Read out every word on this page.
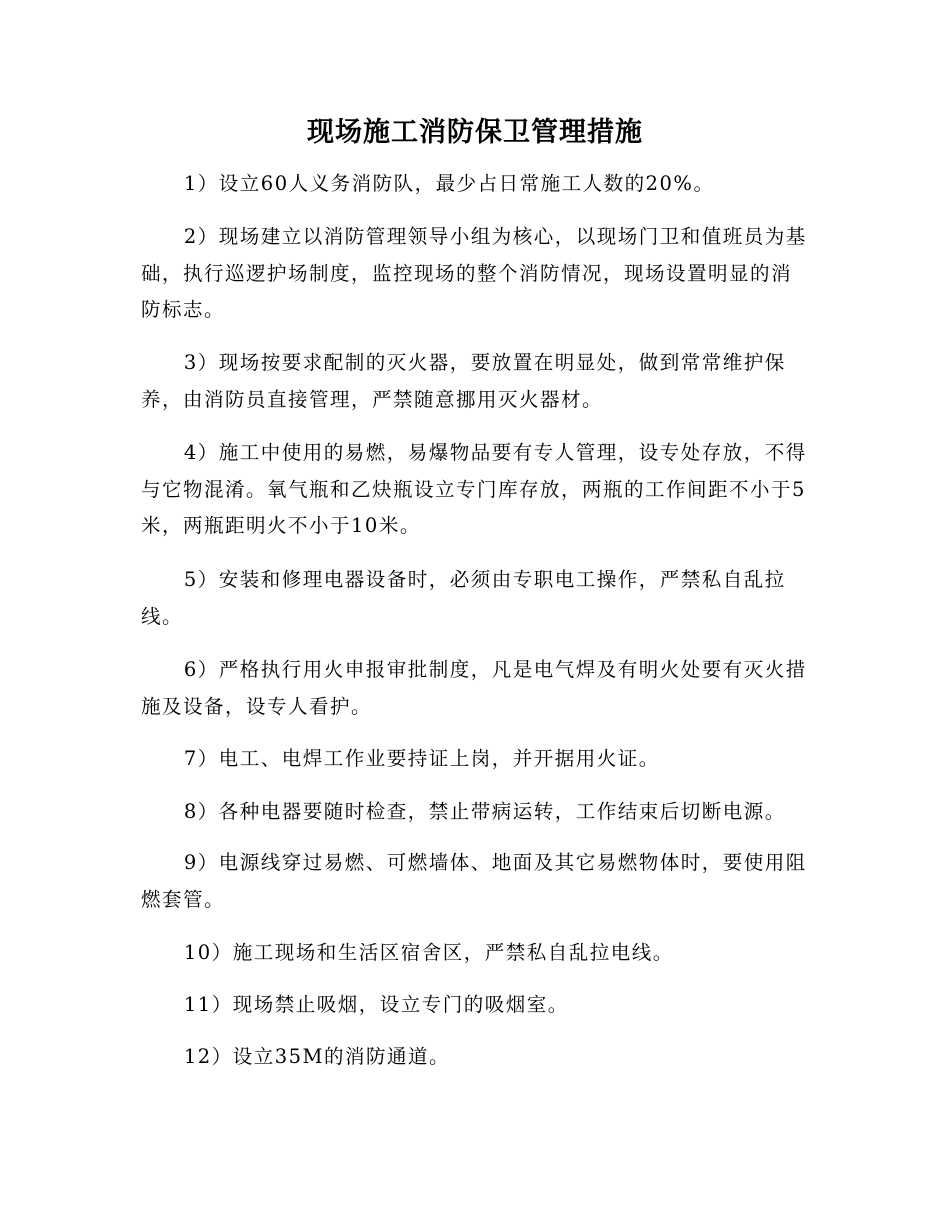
现场施工消防保卫管理措施

1）设立60人义务消防队，最少占日常施工人数的20%。

2）现场建立以消防管理领导小组为核心，以现场门卫和值班员为基础，执行巡逻护场制度，监控现场的整个消防情况，现场设置明显的消防标志。

3）现场按要求配制的灭火器，要放置在明显处，做到常常维护保养，由消防员直接管理，严禁随意挪用灭火器材。

4）施工中使用的易燃，易爆物品要有专人管理，设专处存放，不得与它物混淆。氧气瓶和乙炔瓶设立专门库存放，两瓶的工作间距不小于5米，两瓶距明火不小于10米。

5）安装和修理电器设备时，必须由专职电工操作，严禁私自乱拉线。

6）严格执行用火申报审批制度，凡是电气焊及有明火处要有灭火措施及设备，设专人看护。

7）电工、电焊工作业要持证上岗，并开据用火证。

8）各种电器要随时检查，禁止带病运转，工作结束后切断电源。

9）电源线穿过易燃、可燃墙体、地面及其它易燃物体时，要使用阻燃套管。

10）施工现场和生活区宿舍区，严禁私自乱拉电线。

11）现场禁止吸烟，设立专门的吸烟室。

12）设立35M的消防通道。
